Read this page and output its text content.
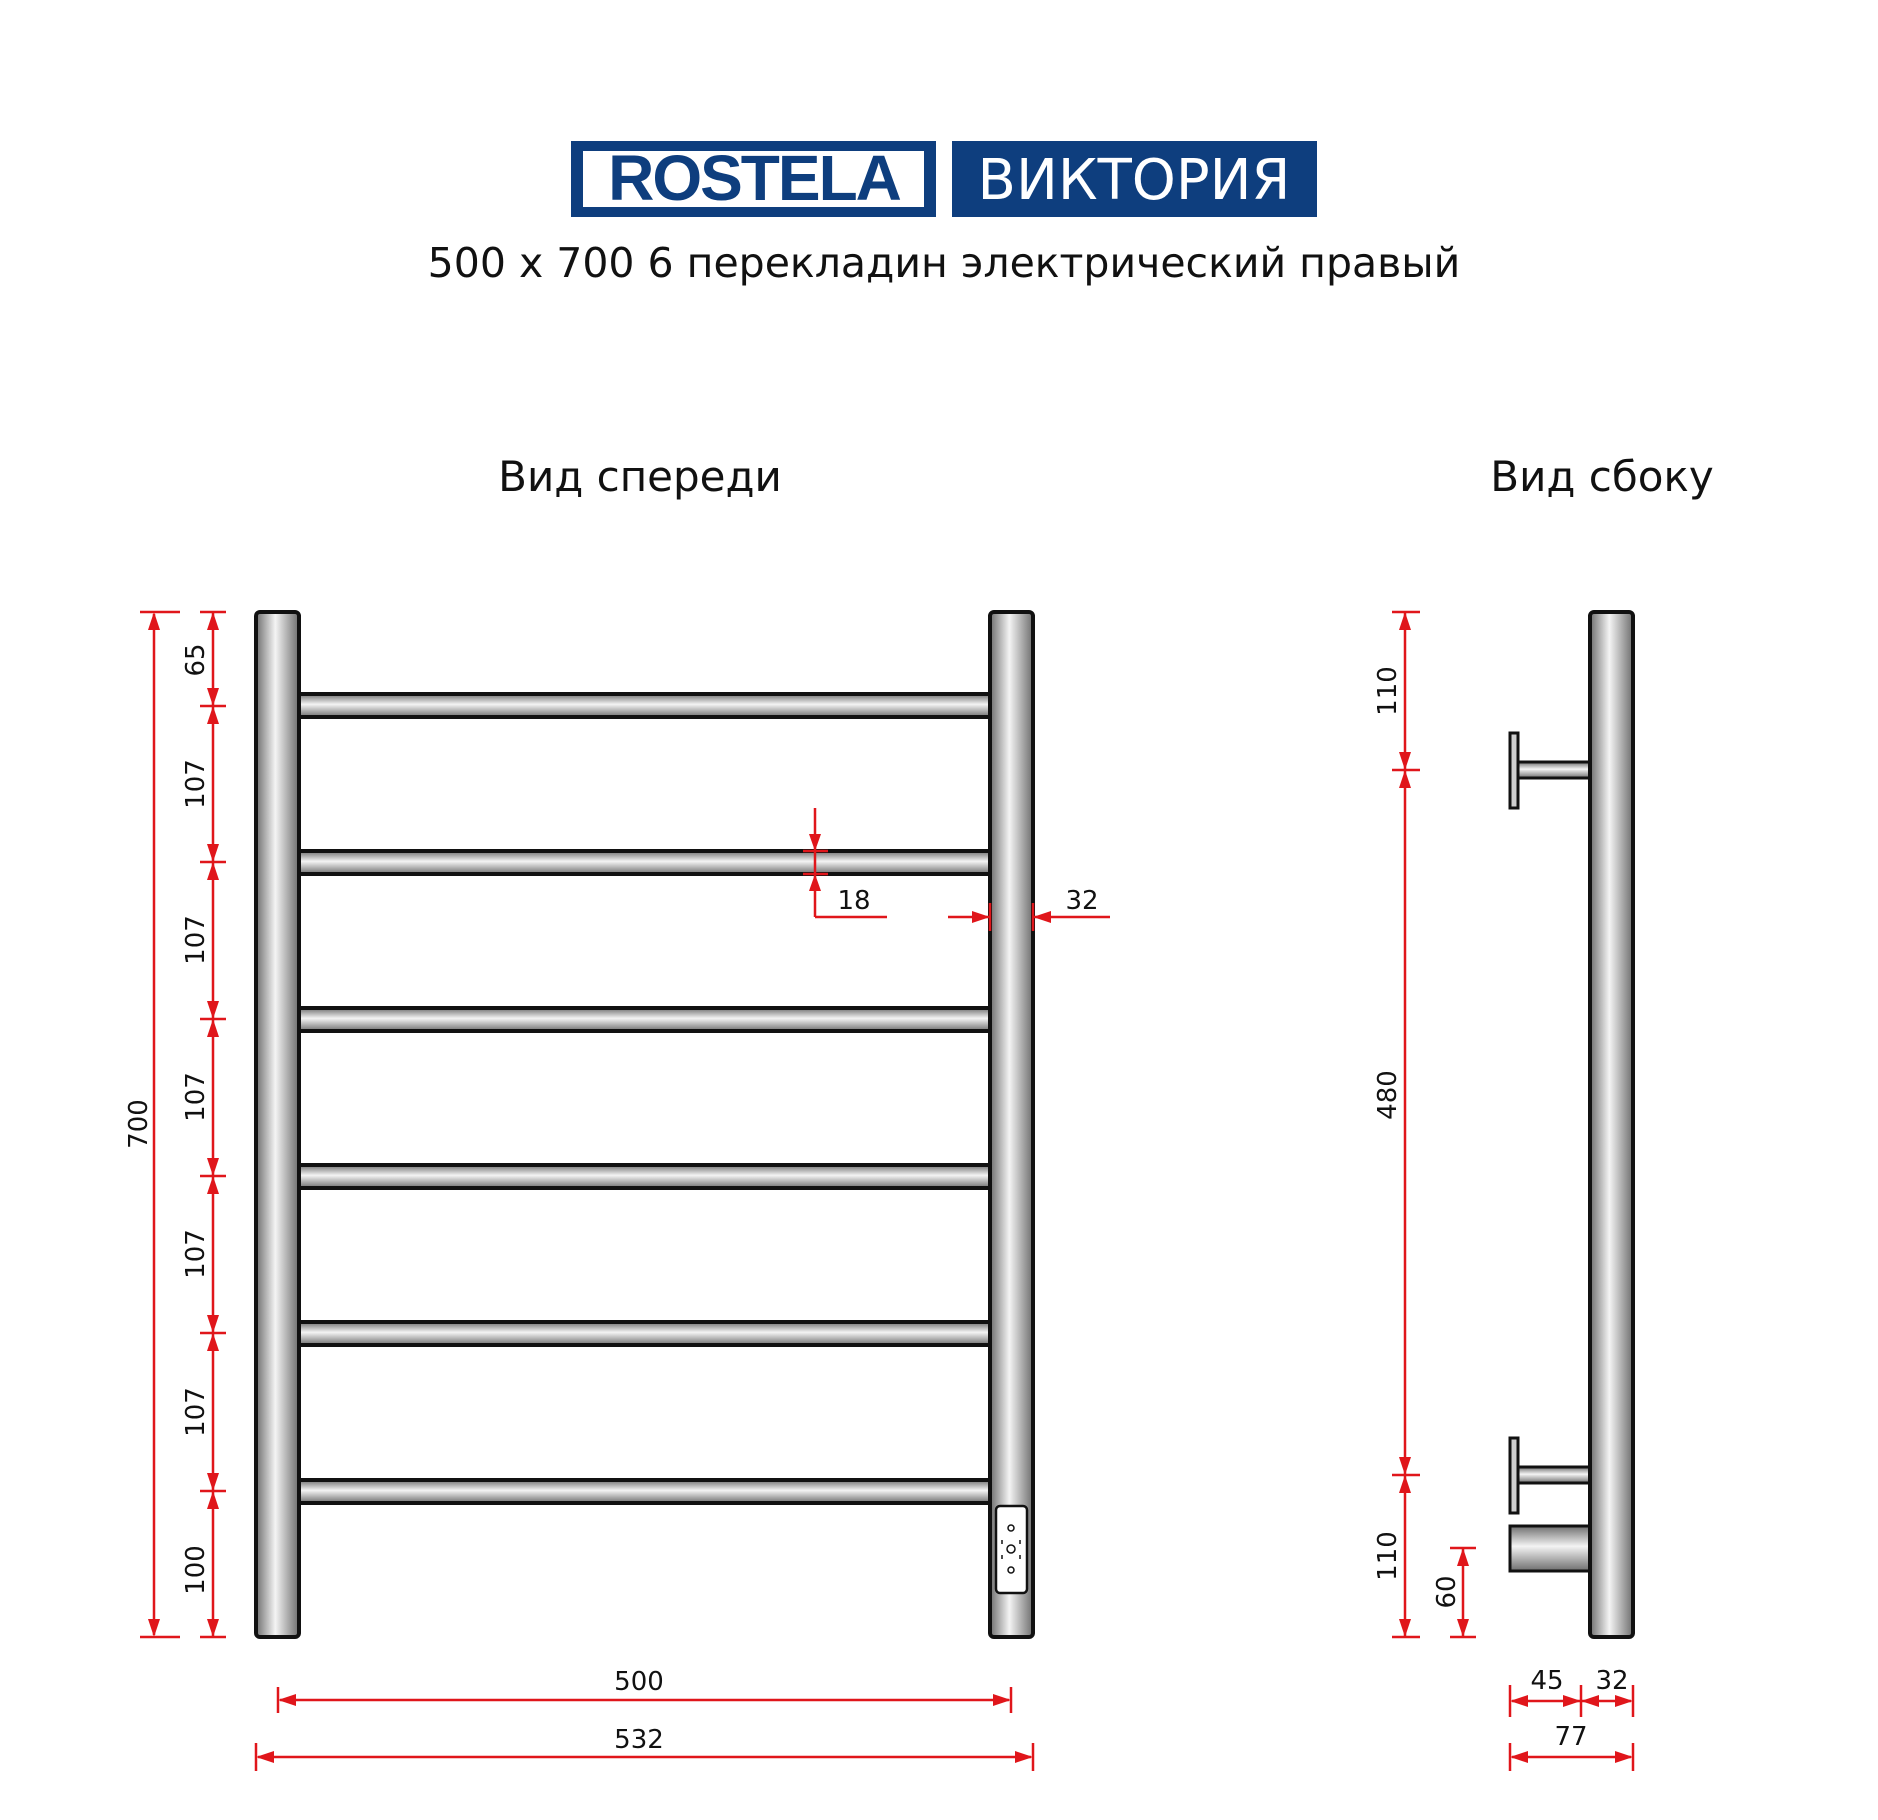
ROSTELA ВИКТОРИЯ
500 x 700 6 перекладин электрический правый
Вид спереди	Вид сбоку
700
65
107
107
107
107
107
100
18	32
500
532
110
480
110
60
45 32
77
